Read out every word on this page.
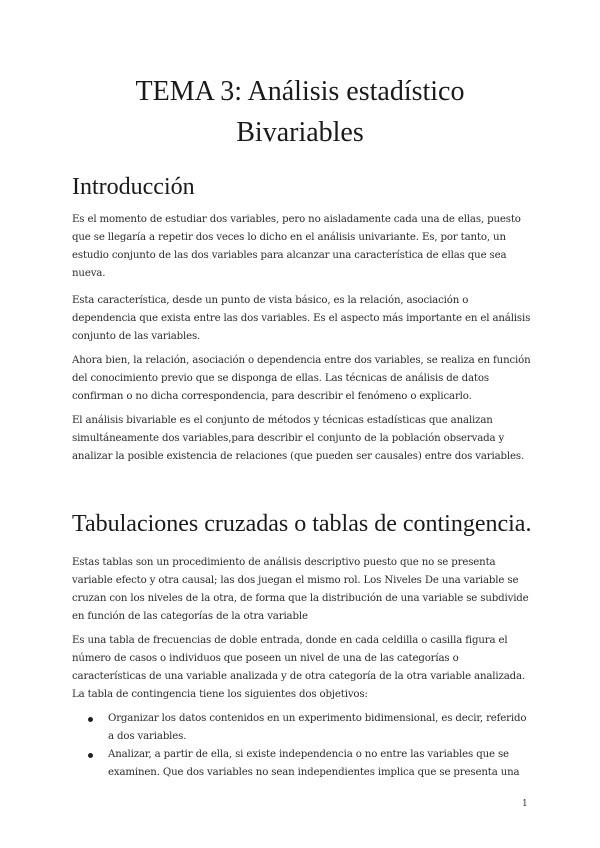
TEMA 3: Análisis estadístico
Bivariables
Introducción

Es el momento de estudiar dos variables, pero no aisladamente cada una de ellas, puesto que se llegaría a repetir dos veces lo dicho en el análisis univariante. Es, por tanto, un estudio conjunto de las dos variables para alcanzar una característica de ellas que sea nueva.

Esta característica, desde un punto de vista básico, es la relación, asociación o dependencia que exista entre las dos variables. Es el aspecto más importante en el análisis conjunto de las variables.

Ahora bien, la relación, asociación o dependencia entre dos variables, se realiza en función del conocimiento previo que se disponga de ellas. Las técnicas de análisis de datos confirman o no dicha correspondencia, para describir el fenómeno o explicarlo.

El análisis bivariable es el conjunto de métodos y técnicas estadísticas que analizan simultáneamente dos variables,para describir el conjunto de la población observada y analizar la posible existencia de relaciones (que pueden ser causales) entre dos variables.

Tabulaciones cruzadas o tablas de contingencia.

Estas tablas son un procedimiento de análisis descriptivo puesto que no se presenta variable efecto y otra causal; las dos juegan el mismo rol. Los Niveles De una variable se cruzan con los niveles de la otra, de forma que la distribución de una variable se subdivide en función de las categorías de la otra variable

Es una tabla de frecuencias de doble entrada, donde en cada celdilla o casilla figura el número de casos o individuos que poseen un nivel de una de las categorías o características de una variable analizada y de otra categoría de la otra variable analizada. La tabla de contingencia tiene los siguientes dos objetivos:

Organizar los datos contenidos en un experimento bidimensional, es decir, referido a dos variables.
Analizar, a partir de ella, si existe independencia o no entre las variables que se examinen. Que dos variables no sean independientes implica que se presenta una
1
